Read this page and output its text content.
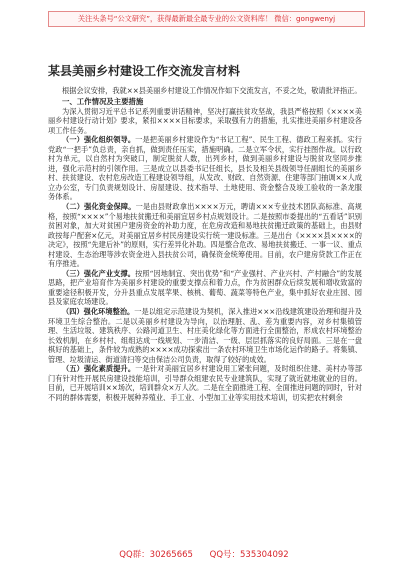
关注头条号“公文研究”，获得最新最全最专业的公文资料库！ 微信：gongwenyj
某县美丽乡村建设工作交流发言材料

根据会议安排，我就××县美丽乡村建设工作情况作如下交流发言，不妥之处，敬请批评指正。

一、工作情况及主要措施

为深入贯彻习近平总书记系列重要讲话精神，坚决打赢扶贫攻坚战，我县严格按照《××××美丽乡村建设行动计划》要求，紧扣××××目标要求，采取强有力的措施，扎实推进美丽乡村建设各项工作任务。

（一）强化组织领导。一是把美丽乡村建设作为“书记工程”、民生工程、德政工程来抓。实行党政“一把手”负总责，亲自抓，做到责任压实，措施明确。二是立军令状，实行挂图作战。以行政村为单元，以自然村为突破口，制定脱贫人数，出列乡村，做到美丽乡村建设与脱贫攻坚同步推进，强化示范村的引领作用。三是成立以县委书记任组长，县长及相关县级领导任副组长的美丽乡村、扶贫建设、农村危房改造工程建设领导组，从发改、财政、自然资源、住建等部门抽调××人成立办公室，专门负责规划设计、房屋建设、技术指导、土地使用、资金整合及竣工验收的一条龙服务体系。

（二）强化资金保障。一是由县财政拿出××××万元，聘请×××专业技术团队高标准、高规格，按照“××××”个易地扶贫搬迁和美丽宜居乡村点规划设计。二是按照市委提出的“五看话”识别贫困对象，加大对贫困户建房资金的补助力度，在危房改造和易地扶贫搬迁政策的基础上，由县财政按每户配套×亿元，对美丽宜居乡村民房建设实行统一建设标准。三是出台《××××县××××的决定》，按照“先建后补”的原则，实行差异化补助。四是整合危改、易地扶贫搬迁、一事一议、重点村建设、生态治理等涉农资金进入县扶贫公司，确保资金统筹使用。目前，农户建房贷款工作正在有序推进。

（三）强化产业支撑。按照“因地制宜、突出优势”和“产业强村、产业兴村、产村融合”的发展思路，把产业培育作为美丽乡村建设的重要支撑点和着力点，作为贫困群众后续发展和增收致富的重要途径积极开发，分升县重点发展苹果、核桃、葡萄、蔬菜等特色产业，集中抓好农业庄园、园县及家庭农场建设。

（四）强化环境整治。一是以组定示范建设为契机，深入推进×××沿线建筑建设治理和提升及环境卫生综合整治。二是以美丽乡村建设为导向，以治理脏、乱、差为重要内容，对乡村集镇管理、生活垃圾、建筑秩序、公路河道卫生、村庄美化绿化等方面进行全面整治，形成农村环境整治长效机制，在乡村村、组组达成一线规划、一步清洁、一级、层层抓落实的良好局面。三是在一盘棋好的基础上，条件较为成熟的××××成功探索出一条农村环境卫生市场化运作的路子。将集镇、管理、垃圾清运、街道清扫等交由保洁公司负责，取得了较好的成效。

（五）强化素质提升。一是针对美丽宜居乡村建设用工紧张问题，及时组织住建、美村办等部门有针对性开展民房建设技能培训，引导群众组建农民专业建筑队，实现了就近就地就业的目的。目前，已开展培训××场次，培训群众×万人次。二是在全面推进工程、全面推进问题的同时，针对不同的群体需要，积极开展种养殖业、手工业、小型加工业等实用技术培训，切实把农村剩余

QQ群：30265665 QQ号：535304092
